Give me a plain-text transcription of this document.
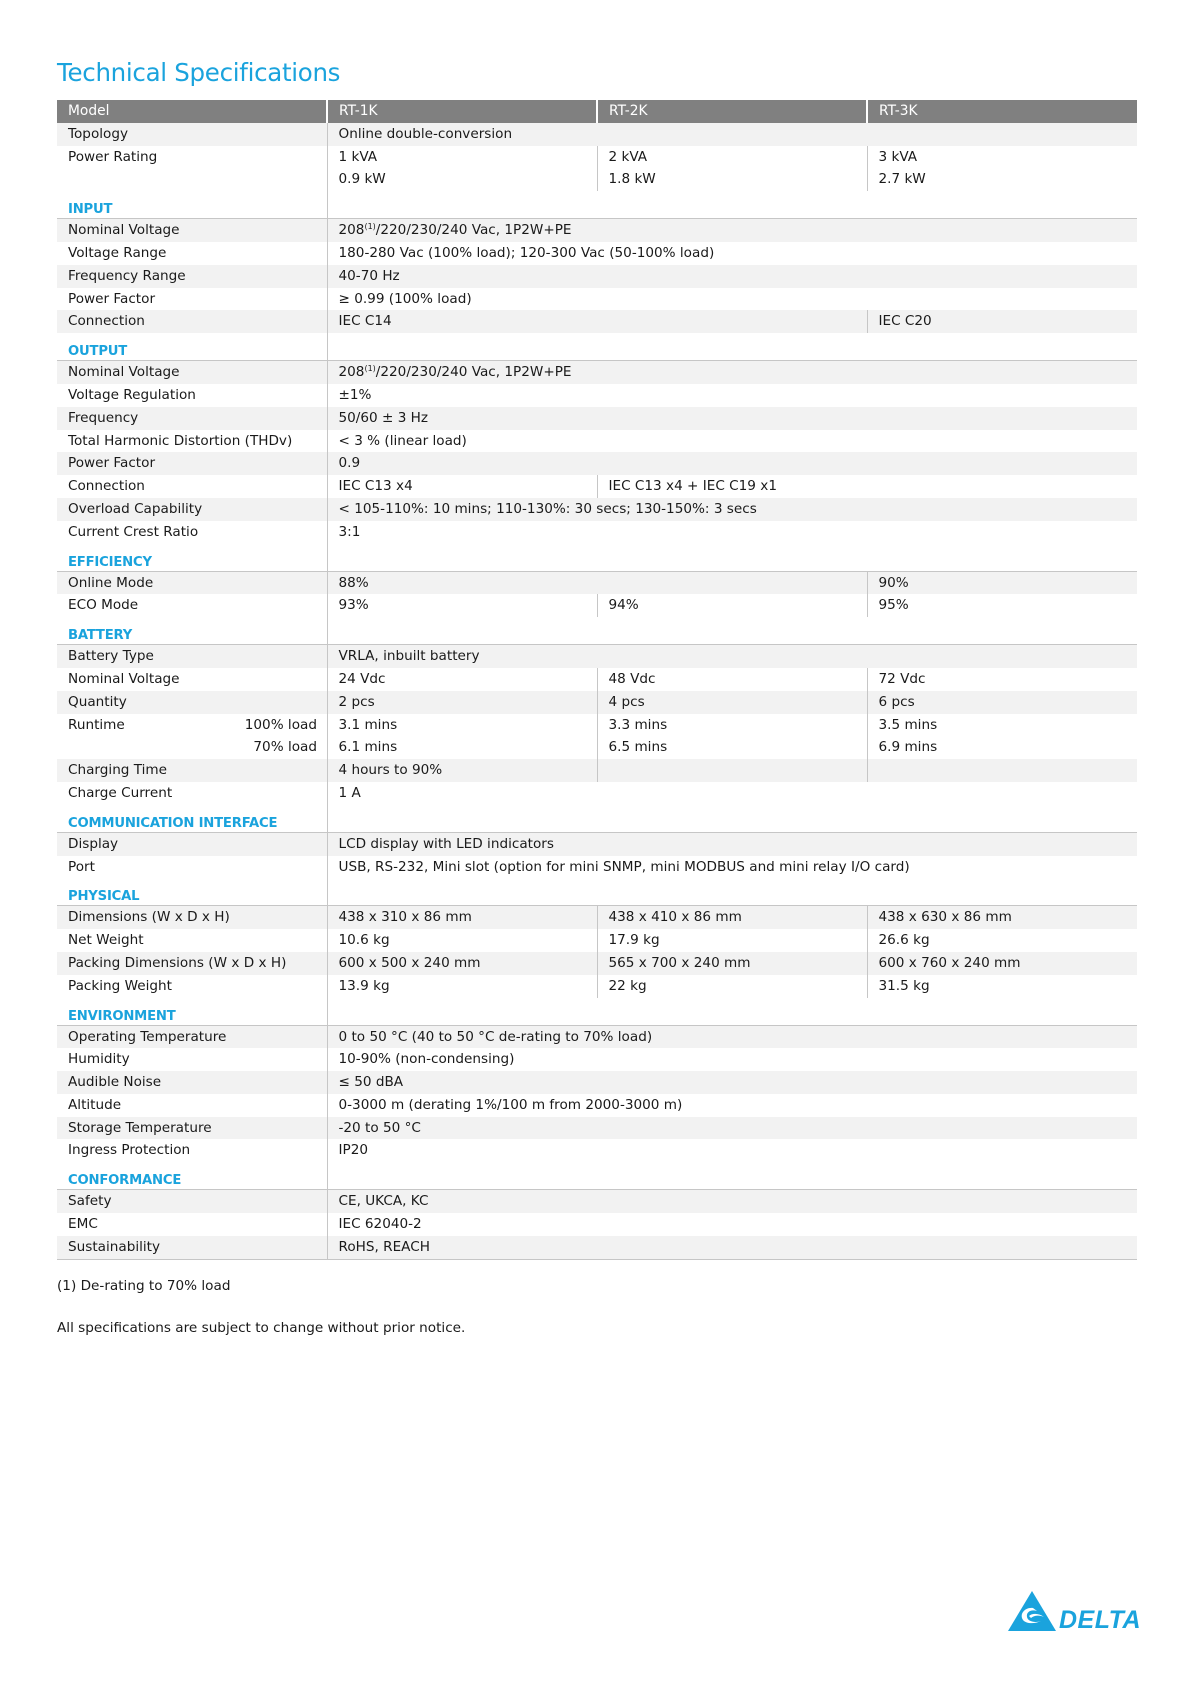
Technical Specifications
Model	RT-1K	RT-2K	RT-3K
Topology	Online double-conversion		
Power Rating	1 kVA	2 kVA	3 kVA
	0.9 kW	1.8 kW	2.7 kW
INPUT			
Nominal Voltage	208$^{(1)}$/220/230/240 Vac, 1P2W+PE		
Voltage Range	180-280 Vac (100% load); 120-300 Vac (50-100% load)		
Frequency Range	40-70 Hz		
Power Factor	≥ 0.99 (100% load)		
Connection	IEC C14		IEC C20
OUTPUT			
Nominal Voltage	208$^{(1)}$/220/230/240 Vac, 1P2W+PE		
Voltage Regulation	±1%		
Frequency	50/60 ± 3 Hz		
Total Harmonic Distortion (THDv)	< 3 % (linear load)		
Power Factor	0.9		
Connection	IEC C13 x4	IEC C13 x4 + IEC C19 x1	
Overload Capability	< 105-110%: 10 mins; 110-130%: 30 secs; 130-150%: 3 secs		
Current Crest Ratio	3:1		
EFFICIENCY			
Online Mode	88%		90%
ECO Mode	93%	94%	95%
BATTERY			
Battery Type	VRLA, inbuilt battery		
Nominal Voltage	24 Vdc	48 Vdc	72 Vdc
Quantity	2 pcs	4 pcs	6 pcs
Runtime 100% load	3.1 mins	3.3 mins	3.5 mins
70% load	6.1 mins	6.5 mins	6.9 mins
Charging Time	4 hours to 90%		
Charge Current	1 A		
COMMUNICATION INTERFACE			
Display	LCD display with LED indicators		
Port	USB, RS-232, Mini slot (option for mini SNMP, mini MODBUS and mini relay I/O card)		
PHYSICAL			
Dimensions (W x D x H)	438 x 310 x 86 mm	438 x 410 x 86 mm	438 x 630 x 86 mm
Net Weight	10.6 kg	17.9 kg	26.6 kg
Packing Dimensions (W x D x H)	600 x 500 x 240 mm	565 x 700 x 240 mm	600 x 760 x 240 mm
Packing Weight	13.9 kg	22 kg	31.5 kg
ENVIRONMENT			
Operating Temperature	0 to 50 °C (40 to 50 °C de-rating to 70% load)		
Humidity	10-90% (non-condensing)		
Audible Noise	≤ 50 dBA		
Altitude	0-3000 m (derating 1%/100 m from 2000-3000 m)		
Storage Temperature	-20 to 50 °C		
Ingress Protection	IP20		
CONFORMANCE			
Safety	CE, UKCA, KC		
EMC	IEC 62040-2		
Sustainability	RoHS, REACH		
(1) De-rating to 70% load
All specifications are subject to change without prior notice.
DELTA
